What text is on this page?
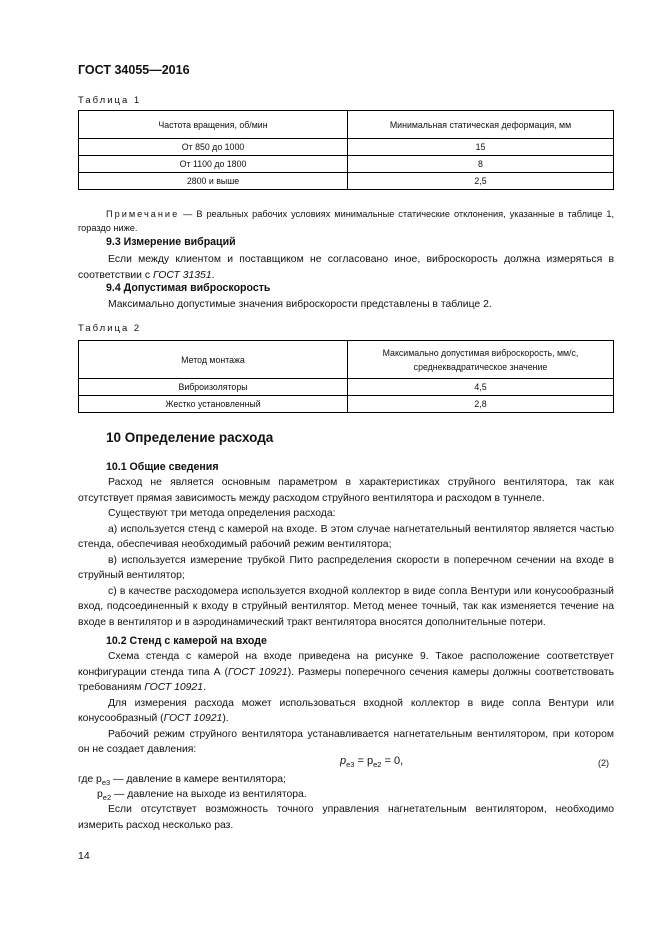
ГОСТ 34055—2016
Таблица 1
Частота вращения, об/мин	Минимальная статическая деформация, мм
От 850 до 1000	15
От 1100 до 1800	8
2800 и выше	2,5
Примечание — В реальных рабочих условиях минимальные статические отклонения, указанные в таблице 1, гораздо ниже.
9.3 Измерение вибраций
Если между клиентом и поставщиком не согласовано иное, виброскорость должна измеряться в соответствии с ГОСТ 31351.
9.4 Допустимая виброскорость
Максимально допустимые значения виброскорости представлены в таблице 2.
Таблица 2
Метод монтажа	Максимально допустимая виброскорость, мм/с,
среднеквадратическое значение

Виброизоляторы	4,5
Жестко установленный	2,8
10 Определение расхода
10.1 Общие сведения
Расход не является основным параметром в характеристиках струйного вентилятора, так как отсутствует прямая зависимость между расходом струйного вентилятора и расходом в туннеле.
Существуют три метода определения расхода:
а) используется стенд с камерой на входе. В этом случае нагнетательный вентилятор является частью стенда, обеспечивая необходимый рабочий режим вентилятора;
в) используется измерение трубкой Пито распределения скорости в поперечном сечении на входе в струйный вентилятор;
с) в качестве расходомера используется входной коллектор в виде сопла Вентури или конусообразный вход, подсоединенный к входу в струйный вентилятор. Метод менее точный, так как изменяется течение на входе в вентилятор и в аэродинамический тракт вентилятора вносятся дополнительные потери.
10.2 Стенд с камерой на входе
Схема стенда с камерой на входе приведена на рисунке 9. Такое расположение соответствует конфигурации стенда типа А (ГОСТ 10921). Размеры поперечного сечения камеры должны соответствовать требованиям ГОСТ 10921.
Для измерения расхода может использоваться входной коллектор в виде сопла Вентури или конусообразный (ГОСТ 10921).
Рабочий режим струйного вентилятора устанавливается нагнетательным вентилятором, при котором он не создает давления:
$p_{e3} = p_{e2} = 0$,	(2)
где $p_{e3}$ — давление в камере вентилятора;
$p_{e2}$ — давление на выходе из вентилятора.
Если отсутствует возможность точного управления нагнетательным вентилятором, необходимо измерить расход несколько раз.
14
